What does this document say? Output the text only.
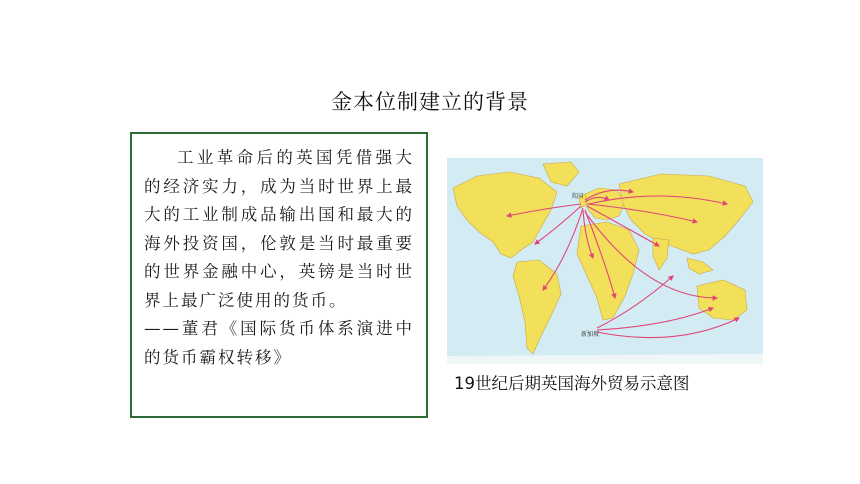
金本位制建立的背景

工业革命后的英国凭借强大的经济实力，成为当时世界上最大的工业制成品输出国和最大的海外投资国，伦敦是当时最重要的世界金融中心，英镑是当时世界上最广泛使用的货币。

——董君《国际货币体系演进中的货币霸权转移》

英国
新加坡
19世纪后期英国海外贸易示意图
